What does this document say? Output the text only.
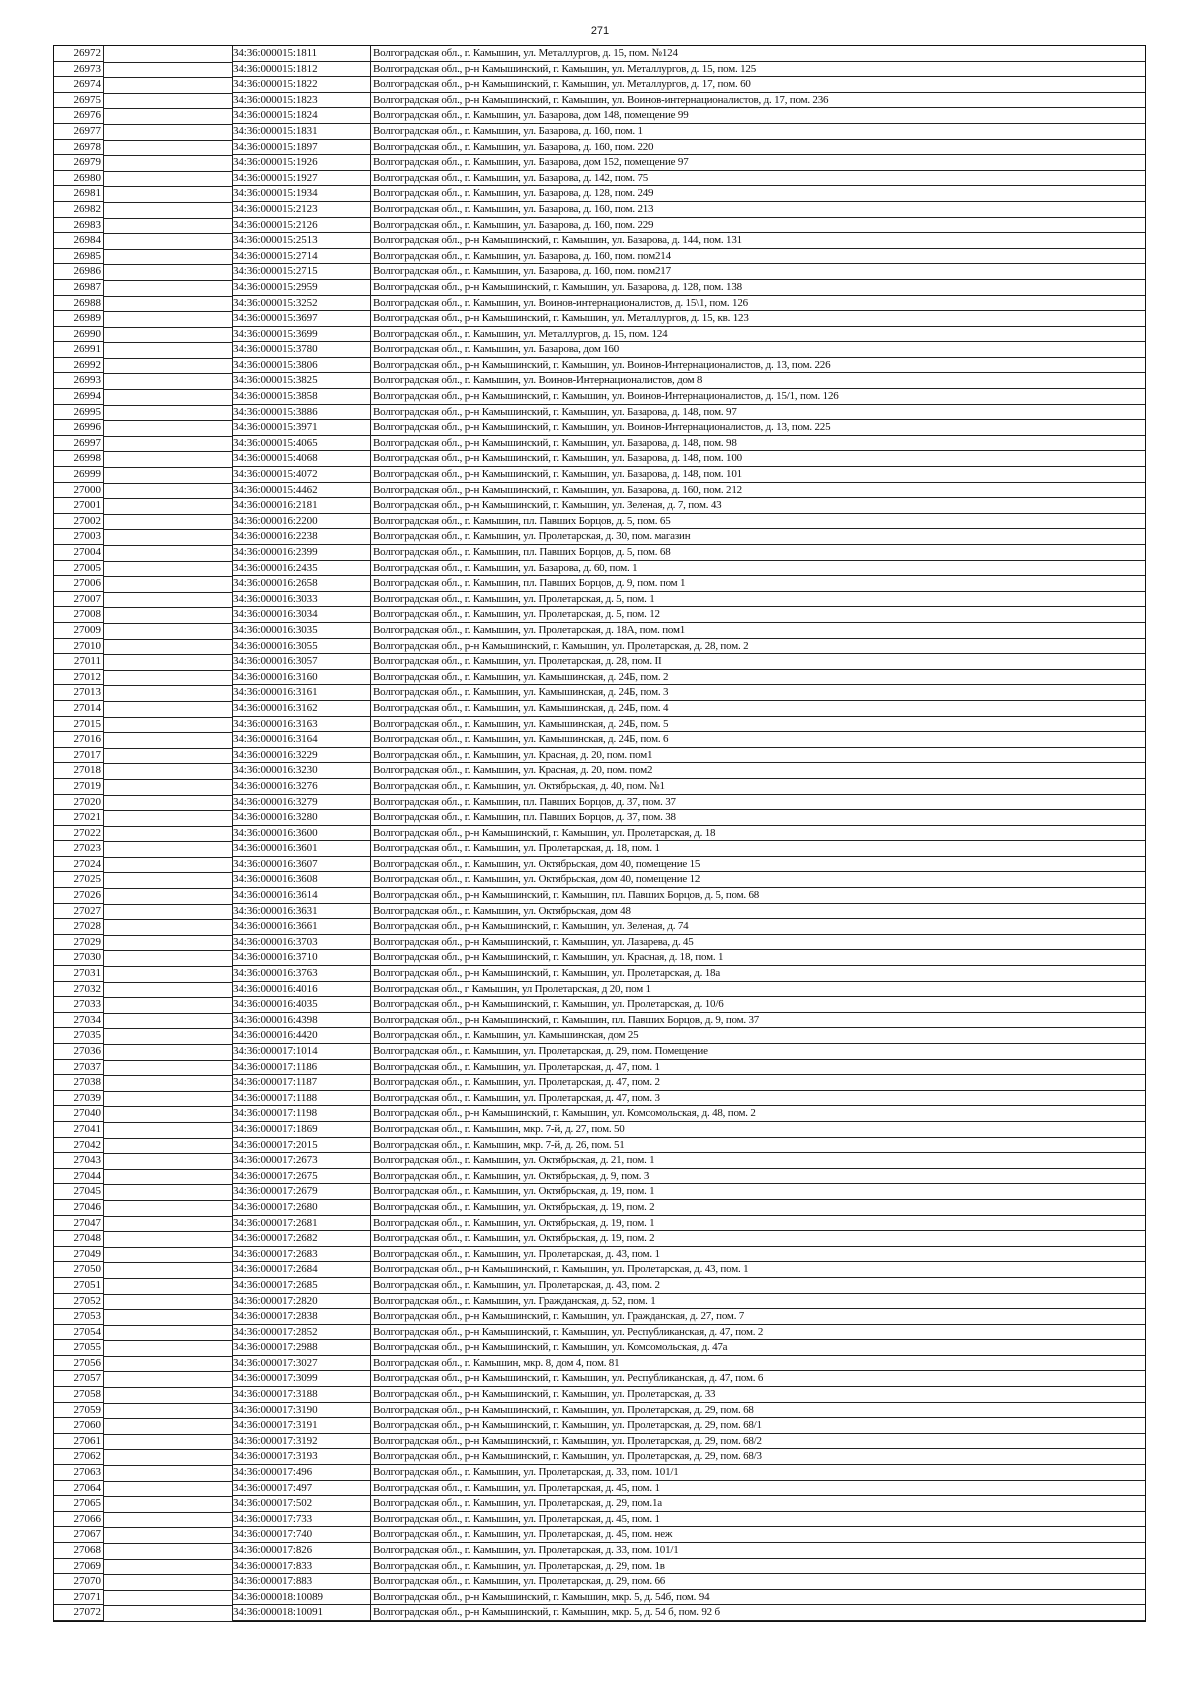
271
26972	34:36:000015:1811	Волгоградская обл., г. Камышин, ул. Металлургов, д. 15, пом. №124
26973	34:36:000015:1812	Волгоградская обл., р-н Камышинский, г. Камышин, ул. Металлургов, д. 15, пом. 125
26974	34:36:000015:1822	Волгоградская обл., р-н Камышинский, г. Камышин, ул. Металлургов, д. 17, пом. 60
26975	34:36:000015:1823	Волгоградская обл., р-н Камышинский, г. Камышин, ул. Воинов-интернационалистов, д. 17, пом. 236
26976	34:36:000015:1824	Волгоградская обл., г. Камышин, ул. Базарова, дом 148, помещение 99
26977	34:36:000015:1831	Волгоградская обл., г. Камышин, ул. Базарова, д. 160, пом. 1
26978	34:36:000015:1897	Волгоградская обл., г. Камышин, ул. Базарова, д. 160, пом. 220
26979	34:36:000015:1926	Волгоградская обл., г. Камышин, ул. Базарова, дом 152, помещение 97
26980	34:36:000015:1927	Волгоградская обл., г. Камышин, ул. Базарова, д. 142, пом. 75
26981	34:36:000015:1934	Волгоградская обл., г. Камышин, ул. Базарова, д. 128, пом. 249
26982	34:36:000015:2123	Волгоградская обл., г. Камышин, ул. Базарова, д. 160, пом. 213
26983	34:36:000015:2126	Волгоградская обл., г. Камышин, ул. Базарова, д. 160, пом. 229
26984	34:36:000015:2513	Волгоградская обл., р-н Камышинский, г. Камышин, ул. Базарова, д. 144, пом. 131
26985	34:36:000015:2714	Волгоградская обл., г. Камышин, ул. Базарова, д. 160, пом. пом214
26986	34:36:000015:2715	Волгоградская обл., г. Камышин, ул. Базарова, д. 160, пом. пом217
26987	34:36:000015:2959	Волгоградская обл., р-н Камышинский, г. Камышин, ул. Базарова, д. 128, пом. 138
26988	34:36:000015:3252	Волгоградская обл., г. Камышин, ул. Воинов-интернационалистов, д. 15\1, пом. 126
26989	34:36:000015:3697	Волгоградская обл., р-н Камышинский, г. Камышин, ул. Металлургов, д. 15, кв. 123
26990	34:36:000015:3699	Волгоградская обл., г. Камышин, ул. Металлургов, д. 15, пом. 124
26991	34:36:000015:3780	Волгоградская обл., г. Камышин, ул. Базарова, дом 160
26992	34:36:000015:3806	Волгоградская обл., р-н Камышинский, г. Камышин, ул. Воинов-Интернационалистов, д. 13, пом. 226
26993	34:36:000015:3825	Волгоградская обл., г. Камышин, ул. Воинов-Интернационалистов, дом 8
26994	34:36:000015:3858	Волгоградская обл., р-н Камышинский, г. Камышин, ул. Воинов-Интернационалистов, д. 15/1, пом. 126
26995	34:36:000015:3886	Волгоградская обл., р-н Камышинский, г. Камышин, ул. Базарова, д. 148, пом. 97
26996	34:36:000015:3971	Волгоградская обл., р-н Камышинский, г. Камышин, ул. Воинов-Интернационалистов, д. 13, пом. 225
26997	34:36:000015:4065	Волгоградская обл., р-н Камышинский, г. Камышин, ул. Базарова, д. 148, пом. 98
26998	34:36:000015:4068	Волгоградская обл., р-н Камышинский, г. Камышин, ул. Базарова, д. 148, пом. 100
26999	34:36:000015:4072	Волгоградская обл., р-н Камышинский, г. Камышин, ул. Базарова, д. 148, пом. 101
27000	34:36:000015:4462	Волгоградская обл., р-н Камышинский, г. Камышин, ул. Базарова, д. 160, пом. 212
27001	34:36:000016:2181	Волгоградская обл., р-н Камышинский, г. Камышин, ул. Зеленая, д. 7, пом. 43
27002	34:36:000016:2200	Волгоградская обл., г. Камышин, пл. Павших Борцов, д. 5, пом. 65
27003	34:36:000016:2238	Волгоградская обл., г. Камышин, ул. Пролетарская, д. 30, пом. магазин
27004	34:36:000016:2399	Волгоградская обл., г. Камышин, пл. Павших Борцов, д. 5, пом. 68
27005	34:36:000016:2435	Волгоградская обл., г. Камышин, ул. Базарова, д. 60, пом. 1
27006	34:36:000016:2658	Волгоградская обл., г. Камышин, пл. Павших Борцов, д. 9, пом. пом 1
27007	34:36:000016:3033	Волгоградская обл., г. Камышин, ул. Пролетарская, д. 5, пом. 1
27008	34:36:000016:3034	Волгоградская обл., г. Камышин, ул. Пролетарская, д. 5, пом. 12
27009	34:36:000016:3035	Волгоградская обл., г. Камышин, ул. Пролетарская, д. 18А, пом. пом1
27010	34:36:000016:3055	Волгоградская обл., р-н Камышинский, г. Камышин, ул. Пролетарская, д. 28, пом. 2
27011	34:36:000016:3057	Волгоградская обл., г. Камышин, ул. Пролетарская, д. 28, пом. II
27012	34:36:000016:3160	Волгоградская обл., г. Камышин, ул. Камышинская, д. 24Б, пом. 2
27013	34:36:000016:3161	Волгоградская обл., г. Камышин, ул. Камышинская, д. 24Б, пом. 3
27014	34:36:000016:3162	Волгоградская обл., г. Камышин, ул. Камышинская, д. 24Б, пом. 4
27015	34:36:000016:3163	Волгоградская обл., г. Камышин, ул. Камышинская, д. 24Б, пом. 5
27016	34:36:000016:3164	Волгоградская обл., г. Камышин, ул. Камышинская, д. 24Б, пом. 6
27017	34:36:000016:3229	Волгоградская обл., г. Камышин, ул. Красная, д. 20, пом. пом1
27018	34:36:000016:3230	Волгоградская обл., г. Камышин, ул. Красная, д. 20, пом. пом2
27019	34:36:000016:3276	Волгоградская обл., г. Камышин, ул. Октябрьская, д. 40, пом. №1
27020	34:36:000016:3279	Волгоградская обл., г. Камышин, пл. Павших Борцов, д. 37, пом. 37
27021	34:36:000016:3280	Волгоградская обл., г. Камышин, пл. Павших Борцов, д. 37, пом. 38
27022	34:36:000016:3600	Волгоградская обл., р-н Камышинский, г. Камышин, ул. Пролетарская, д. 18
27023	34:36:000016:3601	Волгоградская обл., г. Камышин, ул. Пролетарская, д. 18, пом. 1
27024	34:36:000016:3607	Волгоградская обл., г. Камышин, ул. Октябрьская, дом 40, помещение 15
27025	34:36:000016:3608	Волгоградская обл., г. Камышин, ул. Октябрьская, дом 40, помещение 12
27026	34:36:000016:3614	Волгоградская обл., р-н Камышинский, г. Камышин, пл. Павших Борцов, д. 5, пом. 68
27027	34:36:000016:3631	Волгоградская обл., г. Камышин, ул. Октябрьская, дом 48
27028	34:36:000016:3661	Волгоградская обл., р-н Камышинский, г. Камышин, ул. Зеленая, д. 74
27029	34:36:000016:3703	Волгоградская обл., р-н Камышинский, г. Камышин, ул. Лазарева, д. 45
27030	34:36:000016:3710	Волгоградская обл., р-н Камышинский, г. Камышин, ул. Красная, д. 18, пом. 1
27031	34:36:000016:3763	Волгоградская обл., р-н Камышинский, г. Камышин, ул. Пролетарская, д. 18а
27032	34:36:000016:4016	Волгоградская обл., г Камышин, ул Пролетарская, д 20, пом 1
27033	34:36:000016:4035	Волгоградская обл., р-н Камышинский, г. Камышин, ул. Пролетарская, д. 10/6
27034	34:36:000016:4398	Волгоградская обл., р-н Камышинский, г. Камышин, пл. Павших Борцов, д. 9, пом. 37
27035	34:36:000016:4420	Волгоградская обл., г. Камышин, ул. Камышинская, дом 25
27036	34:36:000017:1014	Волгоградская обл., г. Камышин, ул. Пролетарская, д. 29, пом. Помещение
27037	34:36:000017:1186	Волгоградская обл., г. Камышин, ул. Пролетарская, д. 47, пом. 1
27038	34:36:000017:1187	Волгоградская обл., г. Камышин, ул. Пролетарская, д. 47, пом. 2
27039	34:36:000017:1188	Волгоградская обл., г. Камышин, ул. Пролетарская, д. 47, пом. 3
27040	34:36:000017:1198	Волгоградская обл., р-н Камышинский, г. Камышин, ул. Комсомольская, д. 48, пом. 2
27041	34:36:000017:1869	Волгоградская обл., г. Камышин, мкр. 7-й, д. 27, пом. 50
27042	34:36:000017:2015	Волгоградская обл., г. Камышин, мкр. 7-й, д. 26, пом. 51
27043	34:36:000017:2673	Волгоградская обл., г. Камышин, ул. Октябрьская, д. 21, пом. 1
27044	34:36:000017:2675	Волгоградская обл., г. Камышин, ул. Октябрьская, д. 9, пом. 3
27045	34:36:000017:2679	Волгоградская обл., г. Камышин, ул. Октябрьская, д. 19, пом. 1
27046	34:36:000017:2680	Волгоградская обл., г. Камышин, ул. Октябрьская, д. 19, пом. 2
27047	34:36:000017:2681	Волгоградская обл., г. Камышин, ул. Октябрьская, д. 19, пом. 1
27048	34:36:000017:2682	Волгоградская обл., г. Камышин, ул. Октябрьская, д. 19, пом. 2
27049	34:36:000017:2683	Волгоградская обл., г. Камышин, ул. Пролетарская, д. 43, пом. 1
27050	34:36:000017:2684	Волгоградская обл., р-н Камышинский, г. Камышин, ул. Пролетарская, д. 43, пом. 1
27051	34:36:000017:2685	Волгоградская обл., г. Камышин, ул. Пролетарская, д. 43, пом. 2
27052	34:36:000017:2820	Волгоградская обл., г. Камышин, ул. Гражданская, д. 52, пом. 1
27053	34:36:000017:2838	Волгоградская обл., р-н Камышинский, г. Камышин, ул. Гражданская, д. 27, пом. 7
27054	34:36:000017:2852	Волгоградская обл., р-н Камышинский, г. Камышин, ул. Республиканская, д. 47, пом. 2
27055	34:36:000017:2988	Волгоградская обл., р-н Камышинский, г. Камышин, ул. Комсомольская, д. 47а
27056	34:36:000017:3027	Волгоградская обл., г. Камышин, мкр. 8, дом 4, пом. 81
27057	34:36:000017:3099	Волгоградская обл., р-н Камышинский, г. Камышин, ул. Республиканская, д. 47, пом. 6
27058	34:36:000017:3188	Волгоградская обл., р-н Камышинский, г. Камышин, ул. Пролетарская, д. 33
27059	34:36:000017:3190	Волгоградская обл., р-н Камышинский, г. Камышин, ул. Пролетарская, д. 29, пом. 68
27060	34:36:000017:3191	Волгоградская обл., р-н Камышинский, г. Камышин, ул. Пролетарская, д. 29, пом. 68/1
27061	34:36:000017:3192	Волгоградская обл., р-н Камышинский, г. Камышин, ул. Пролетарская, д. 29, пом. 68/2
27062	34:36:000017:3193	Волгоградская обл., р-н Камышинский, г. Камышин, ул. Пролетарская, д. 29, пом. 68/3
27063	34:36:000017:496	Волгоградская обл., г. Камышин, ул. Пролетарская, д. 33, пом. 101/1
27064	34:36:000017:497	Волгоградская обл., г. Камышин, ул. Пролетарская, д. 45, пом. 1
27065	34:36:000017:502	Волгоградская обл., г. Камышин, ул. Пролетарская, д. 29, пом.1а
27066	34:36:000017:733	Волгоградская обл., г. Камышин, ул. Пролетарская, д. 45, пом. 1
27067	34:36:000017:740	Волгоградская обл., г. Камышин, ул. Пролетарская, д. 45, пом. неж
27068	34:36:000017:826	Волгоградская обл., г. Камышин, ул. Пролетарская, д. 33, пом. 101/1
27069	34:36:000017:833	Волгоградская обл., г. Камышин, ул. Пролетарская, д. 29, пом. 1в
27070	34:36:000017:883	Волгоградская обл., г. Камышин, ул. Пролетарская, д. 29, пом. 66
27071	34:36:000018:10089	Волгоградская обл., р-н Камышинский, г. Камышин, мкр. 5, д. 54б, пом. 94
27072	34:36:000018:10091	Волгоградская обл., р-н Камышинский, г. Камышин, мкр. 5, д. 54 б, пом. 92 б
